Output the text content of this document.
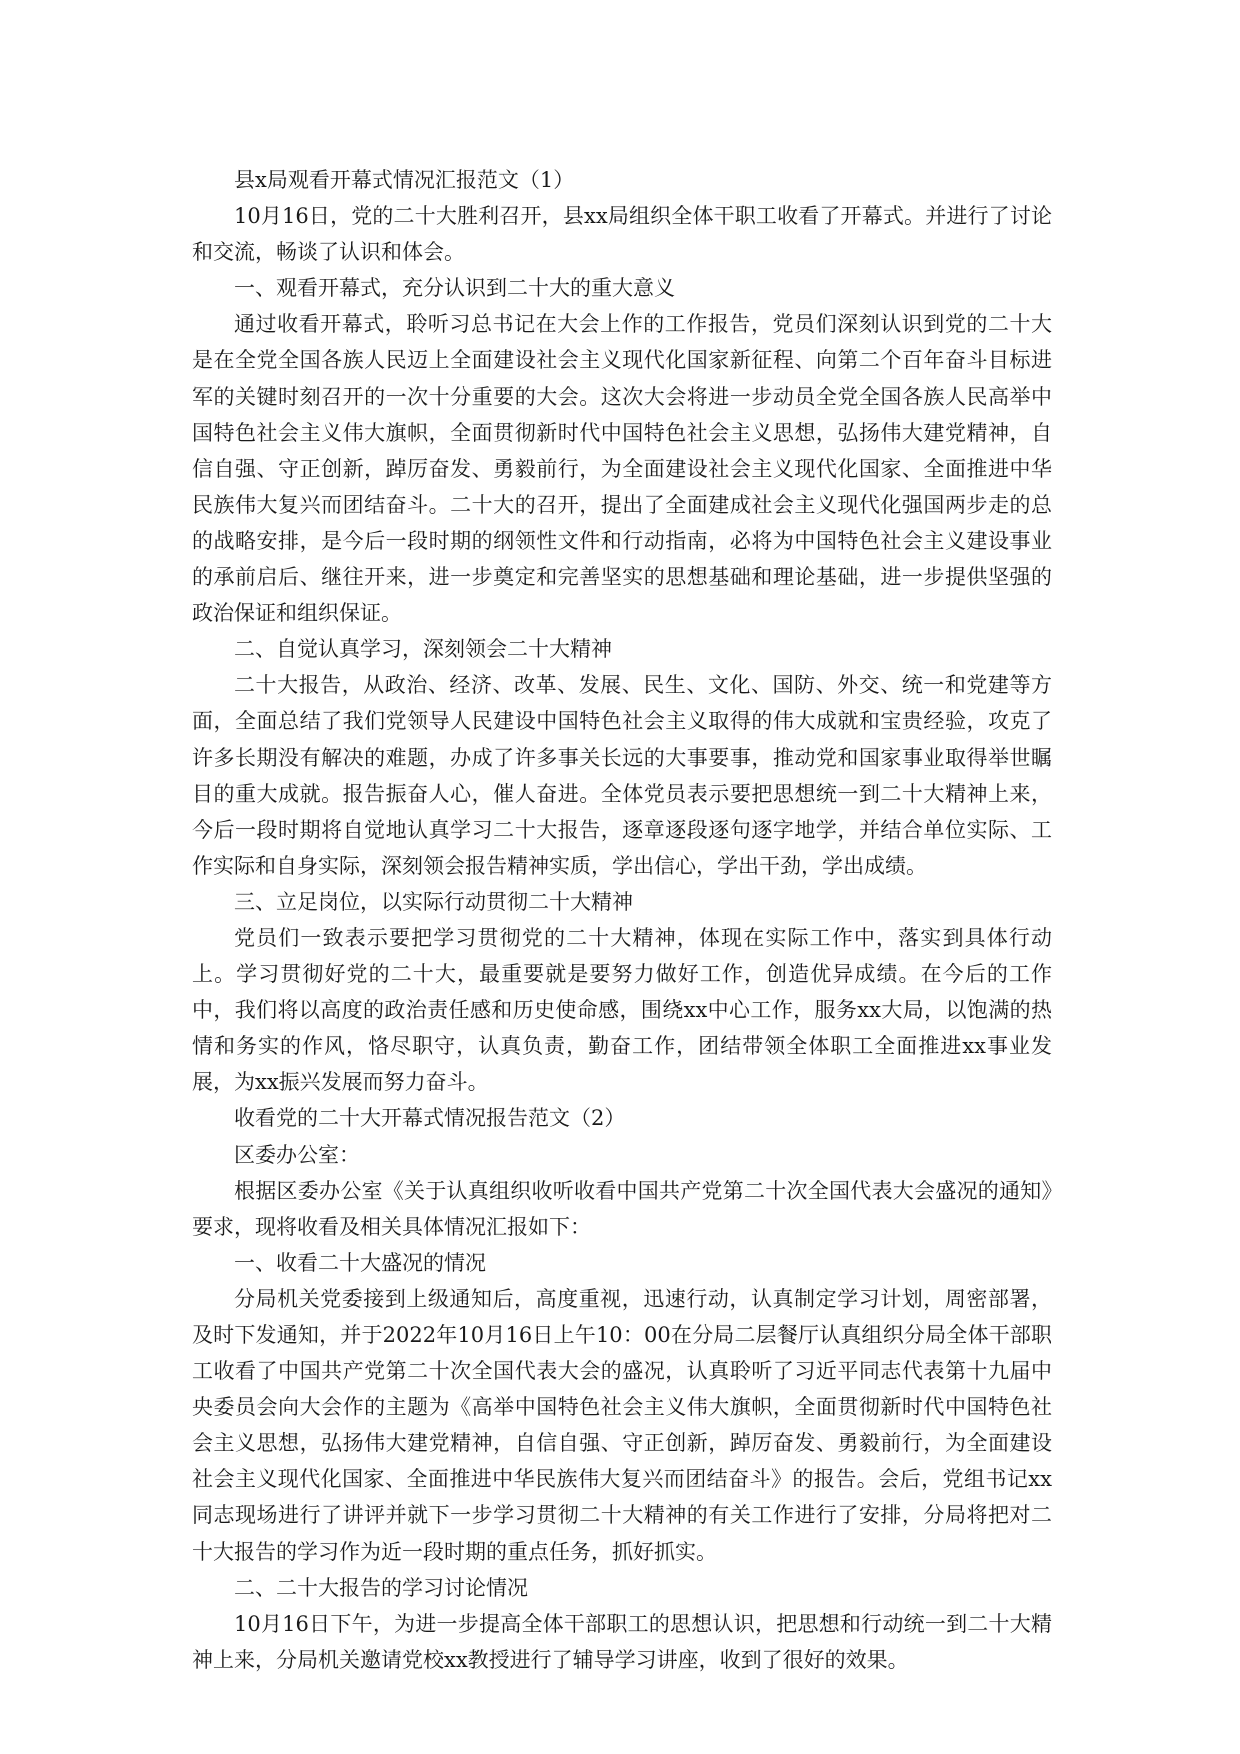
县x局观看开幕式情况汇报范文（1）

10月16日，党的二十大胜利召开，县xx局组织全体干职工收看了开幕式。并进行了讨论和交流，畅谈了认识和体会。

一、观看开幕式，充分认识到二十大的重大意义

通过收看开幕式，聆听习总书记在大会上作的工作报告，党员们深刻认识到党的二十大是在全党全国各族人民迈上全面建设社会主义现代化国家新征程、向第二个百年奋斗目标进军的关键时刻召开的一次十分重要的大会。这次大会将进一步动员全党全国各族人民高举中国特色社会主义伟大旗帜，全面贯彻新时代中国特色社会主义思想，弘扬伟大建党精神，自信自强、守正创新，踔厉奋发、勇毅前行，为全面建设社会主义现代化国家、全面推进中华民族伟大复兴而团结奋斗。二十大的召开，提出了全面建成社会主义现代化强国两步走的总的战略安排，是今后一段时期的纲领性文件和行动指南，必将为中国特色社会主义建设事业的承前启后、继往开来，进一步奠定和完善坚实的思想基础和理论基础，进一步提供坚强的政治保证和组织保证。

二、自觉认真学习，深刻领会二十大精神

二十大报告，从政治、经济、改革、发展、民生、文化、国防、外交、统一和党建等方面，全面总结了我们党领导人民建设中国特色社会主义取得的伟大成就和宝贵经验，攻克了许多长期没有解决的难题，办成了许多事关长远的大事要事，推动党和国家事业取得举世瞩目的重大成就。报告振奋人心，催人奋进。全体党员表示要把思想统一到二十大精神上来，今后一段时期将自觉地认真学习二十大报告，逐章逐段逐句逐字地学，并结合单位实际、工作实际和自身实际，深刻领会报告精神实质，学出信心，学出干劲，学出成绩。

三、立足岗位，以实际行动贯彻二十大精神

党员们一致表示要把学习贯彻党的二十大精神，体现在实际工作中，落实到具体行动上。学习贯彻好党的二十大，最重要就是要努力做好工作，创造优异成绩。在今后的工作中，我们将以高度的政治责任感和历史使命感，围绕xx中心工作，服务xx大局，以饱满的热情和务实的作风，恪尽职守，认真负责，勤奋工作，团结带领全体职工全面推进xx事业发展，为xx振兴发展而努力奋斗。

收看党的二十大开幕式情况报告范文（2）

区委办公室：

根据区委办公室《关于认真组织收听收看中国共产党第二十次全国代表大会盛况的通知》要求，现将收看及相关具体情况汇报如下：

一、收看二十大盛况的情况

分局机关党委接到上级通知后，高度重视，迅速行动，认真制定学习计划，周密部署，及时下发通知，并于2022年10月16日上午10：00在分局二层餐厅认真组织分局全体干部职工收看了中国共产党第二十次全国代表大会的盛况，认真聆听了习近平同志代表第十九届中央委员会向大会作的主题为《高举中国特色社会主义伟大旗帜，全面贯彻新时代中国特色社会主义思想，弘扬伟大建党精神，自信自强、守正创新，踔厉奋发、勇毅前行，为全面建设社会主义现代化国家、全面推进中华民族伟大复兴而团结奋斗》的报告。会后，党组书记xx同志现场进行了讲评并就下一步学习贯彻二十大精神的有关工作进行了安排，分局将把对二十大报告的学习作为近一段时期的重点任务，抓好抓实。

二、二十大报告的学习讨论情况

10月16日下午，为进一步提高全体干部职工的思想认识，把思想和行动统一到二十大精神上来，分局机关邀请党校xx教授进行了辅导学习讲座，收到了很好的效果。
